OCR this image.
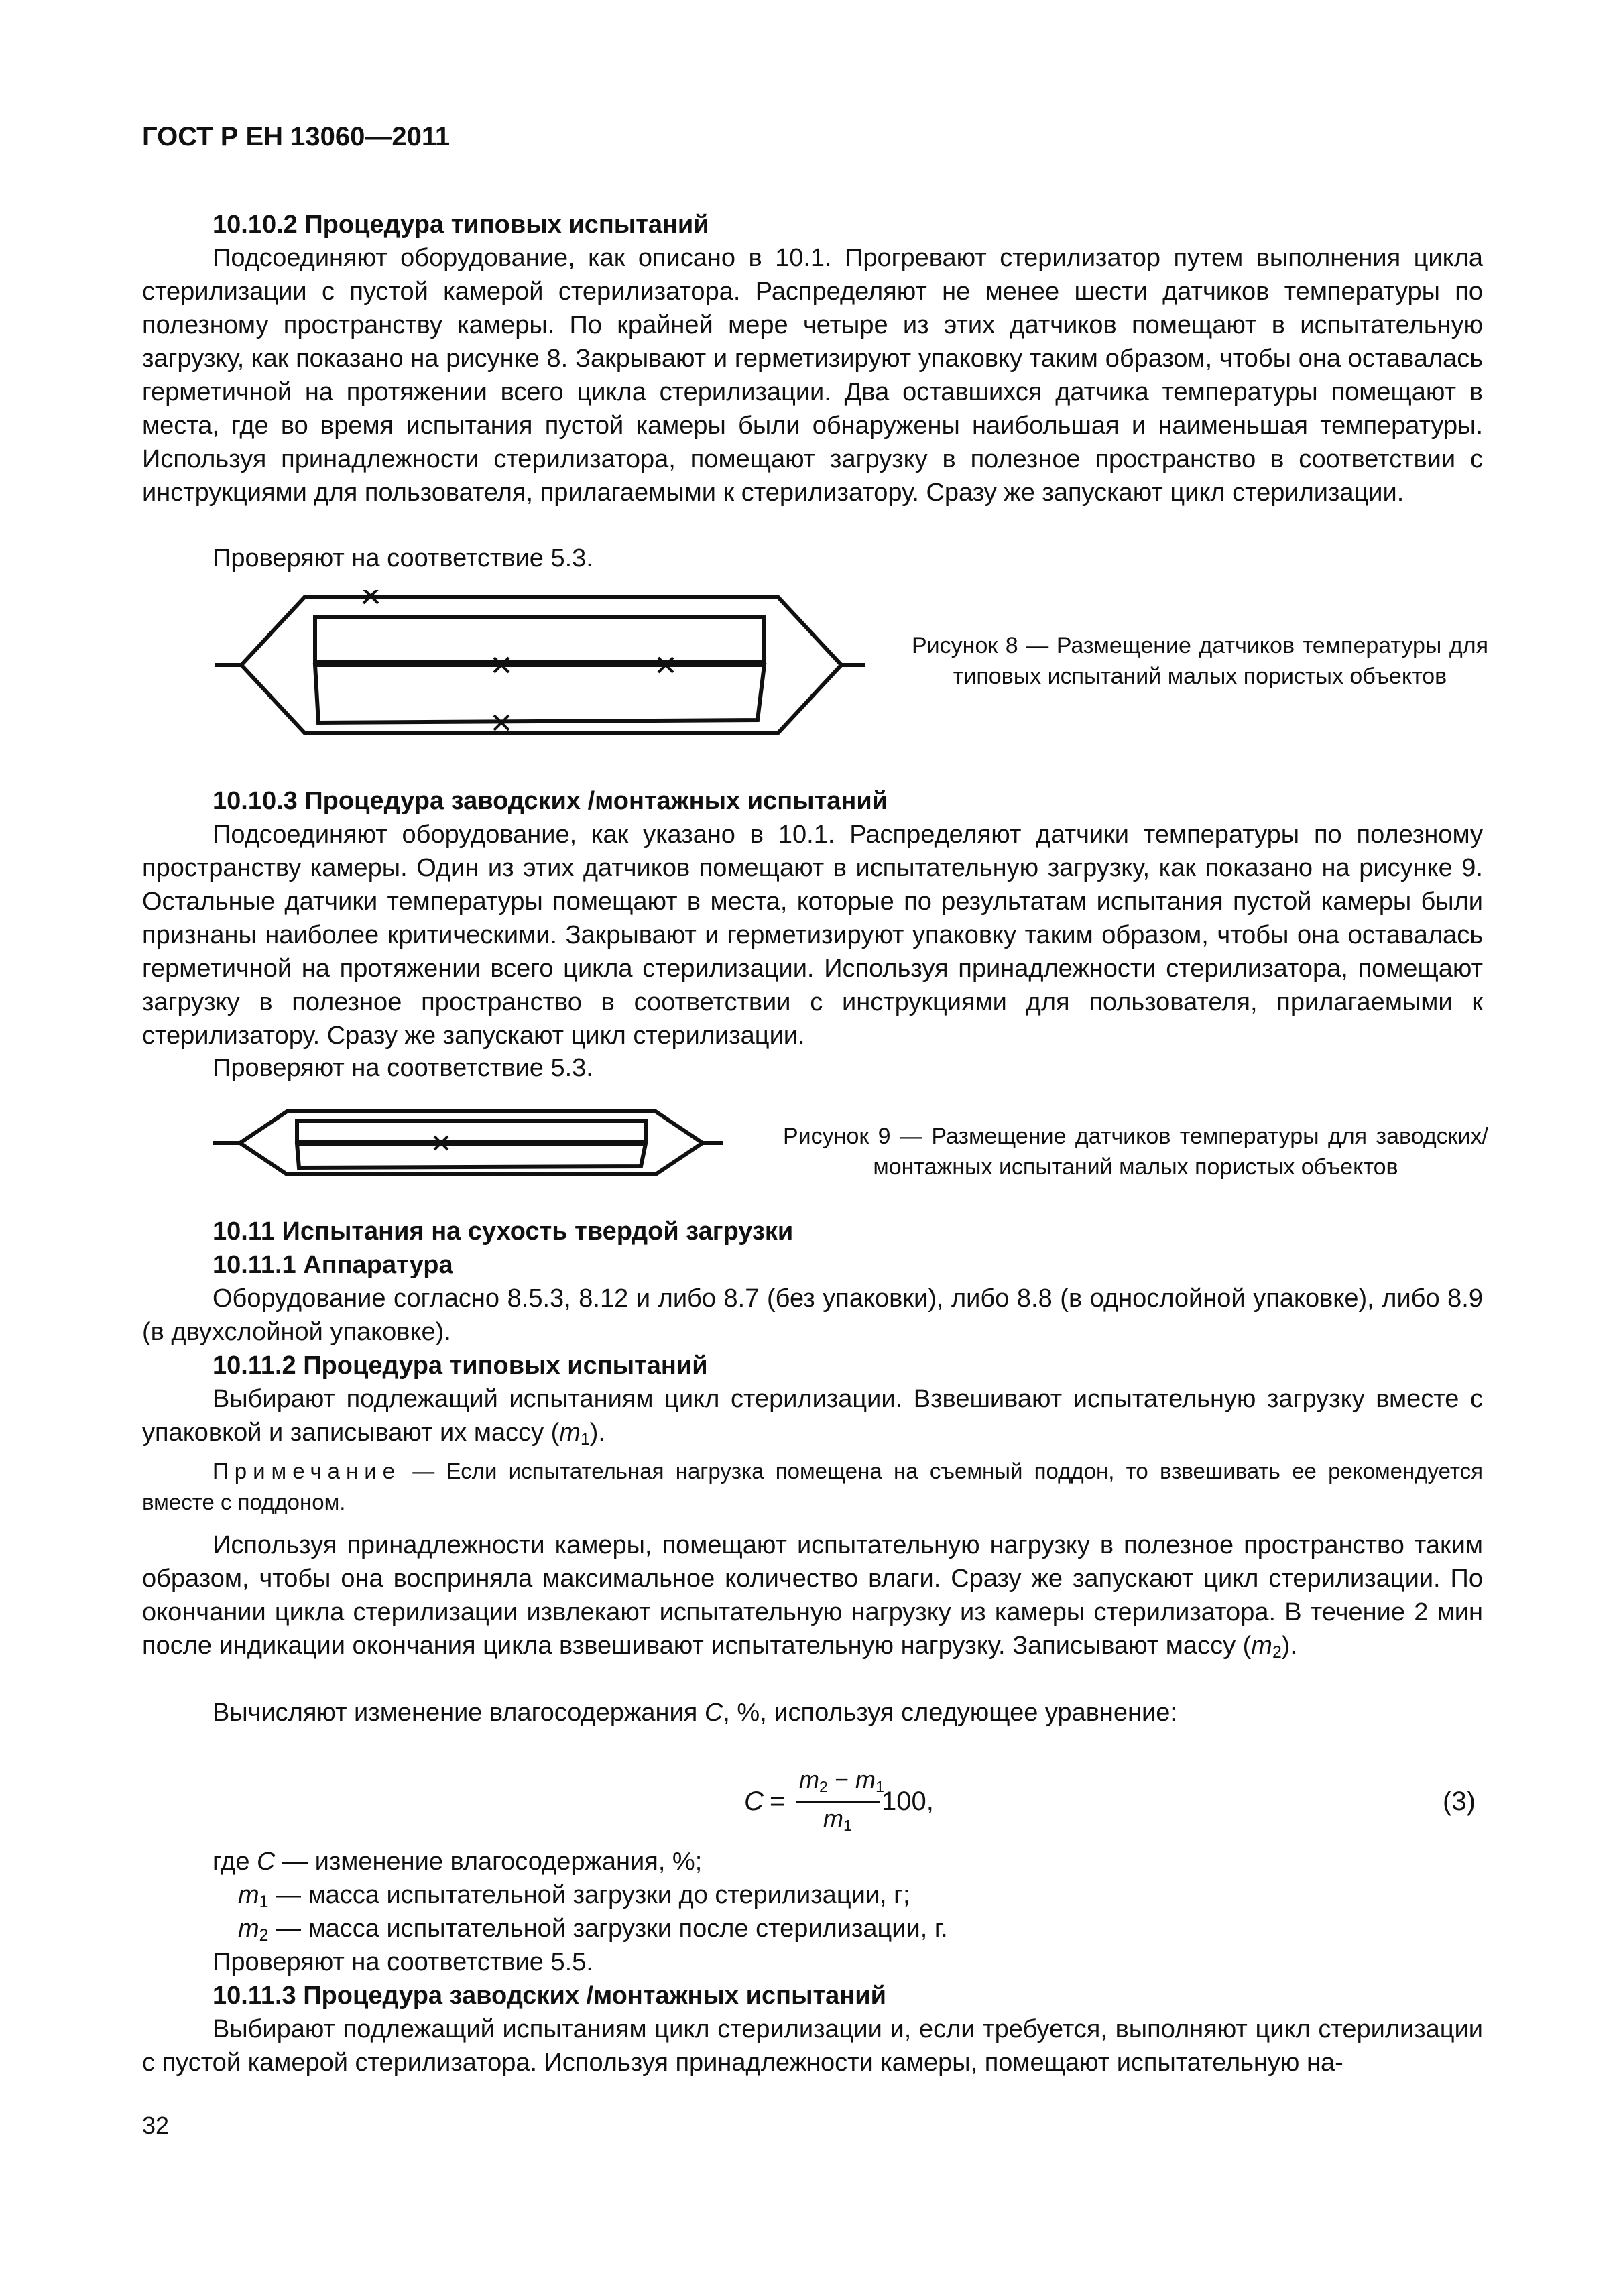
ГОСТ Р ЕН 13060—2011
10.10.2 Процедура типовых испытаний
Подсоединяют оборудование, как описано в 10.1. Прогревают стерилизатор путем выполнения цикла стерилизации с пустой камерой стерилизатора. Распределяют не менее шести датчиков температуры по полезному пространству камеры. По крайней мере четыре из этих датчиков помещают в испытательную загрузку, как показано на рисунке 8. Закрывают и герметизируют упаковку таким образом, чтобы она оставалась герметичной на протяжении всего цикла стерилизации. Два оставшихся датчика температуры помещают в места, где во время испытания пустой камеры были обнаружены наибольшая и наименьшая температуры. Используя принадлежности стерилизатора, помещают загрузку в полезное пространство в соответствии с инструкциями для пользователя, прилагаемыми к стерилизатору. Сразу же запускают цикл стерилизации.
Проверяют на соответствие 5.3.
Рисунок 8 — Размещение датчиков температуры для типовых испытаний малых пористых объектов
10.10.3 Процедура заводских /монтажных испытаний
Подсоединяют оборудование, как указано в 10.1. Распределяют датчики температуры по полезному пространству камеры. Один из этих датчиков помещают в испытательную загрузку, как показано на рисунке 9. Остальные датчики температуры помещают в места, которые по результатам испытания пустой камеры были признаны наиболее критическими. Закрывают и герметизируют упаковку таким образом, чтобы она оставалась герметичной на протяжении всего цикла стерилизации. Используя принадлежности стерилизатора, помещают загрузку в полезное пространство в соответствии с инструкциями для пользователя, прилагаемыми к стерилизатору. Сразу же запускают цикл стерилизации.
Проверяют на соответствие 5.3.
Рисунок 9 — Размещение датчиков температуры для заводских/монтажных испытаний малых пористых объектов
10.11 Испытания на сухость твердой загрузки
10.11.1 Аппаратура
Оборудование согласно 8.5.3, 8.12 и либо 8.7 (без упаковки), либо 8.8 (в однослойной упаковке), либо 8.9 (в двухслойной упаковке).
10.11.2 Процедура типовых испытаний
Выбирают подлежащий испытаниям цикл стерилизации. Взвешивают испытательную загрузку вместе с упаковкой и записывают их массу $(m_1)$.
Примечание — Если испытательная нагрузка помещена на съемный поддон, то взвешивать ее рекомендуется вместе с поддоном.
Используя принадлежности камеры, помещают испытательную нагрузку в полезное пространство таким образом, чтобы она восприняла максимальное количество влаги. Сразу же запускают цикл стерилизации. По окончании цикла стерилизации извлекают испытательную нагрузку из камеры стерилизатора. В течение 2 мин после индикации окончания цикла взвешивают испытательную нагрузку. Записывают массу $(m_2)$.
Вычисляют изменение влагосодержания C, %, используя следующее уравнение:
C =
$m_2 - m_1$
$m_1$
100,	(3)
где C — изменение влагосодержания, %;
$m_1$ — масса испытательной загрузки до стерилизации, г;
$m_2$ — масса испытательной загрузки после стерилизации, г.
Проверяют на соответствие 5.5.
10.11.3 Процедура заводских /монтажных испытаний
Выбирают подлежащий испытаниям цикл стерилизации и, если требуется, выполняют цикл стерилизации с пустой камерой стерилизатора. Используя принадлежности камеры, помещают испытательную на-
32
